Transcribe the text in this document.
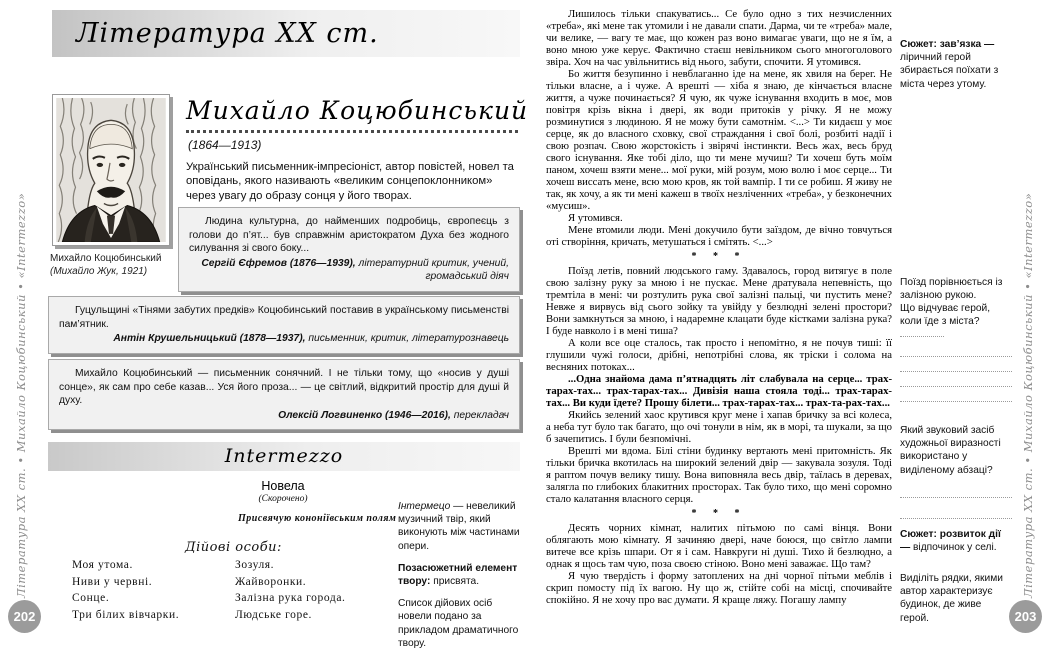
Література XX ст.
Михайло Коцюбинський
(Михайло Жук, 1921)
Михайло Коцюбинський
(1864—1913)
Український письменник-імпресіоніст, автор повістей, новел та оповідань, якого називають «великим сонцепоклонником» через увагу до образу сонця у його творах.
Людина культурна, до найменших подробиць, європеєць з голови до п’ят... був справжнім аристократом Духа без жодного силування зі свого боку...
Сергій Єфремов (1876—1939), літературний критик, учений, громадський діяч
Гуцульщині «Тінями забутих предків» Коцюбинський поставив в українському письменстві пам’ятник.
Антін Крушельницький (1878—1937), письменник, критик, літературознавець
Михайло Коцюбинський — письменник сонячний. І не тільки тому, що «носив у душі сонце», як сам про себе казав... Уся його проза... — це світлий, відкритий простір для душі й духу.
Олексій Логвиненко (1946—2016), перекладач
Intermezzo
Новела
(Скорочено)
Присвячую кононіївським полям
Дійові особи:
Моя утома.
Ниви у червні.
Сонце.
Три білих вівчарки.
Зозуля.
Жайворонки.
Залізна рука города.
Людське горе.
Інтермецо — невеликий музичний твір, який виконують між частинами опери.
Позасюжетний елемент твору: присвята.
Список дійових осіб новели подано за прикладом драматичного твору.
Література XX ст. • Михайло Коцюбинський • «Intermezzo»
202

Лишилось тільки спакуватись... Се було одно з тих незчисленних «треба», які мене так утомили і не давали спати. Дарма, чи те «треба» мале, чи велике, — вагу те має, що кожен раз воно вимагає уваги, що не я їм, а воно мною уже керує. Фактично стаєш невільником сього многоголового звіра. Хоч на час увільнитись від нього, забути, спочити. Я утомився.

Бо життя безупинно і невблаганно іде на мене, як хвиля на берег. Не тільки власне, а і чуже. А врешті — хіба я знаю, де кінчається власне життя, а чуже починається? Я чую, як чуже існування входить в моє, мов повітря крізь вікна і двері, як води притоків у річку. Я не можу розминутися з людиною. Я не можу бути самотнім. <...> Ти кидаєш у моє серце, як до власного сховку, свої страждання і свої болі, розбиті надії і свою розпач. Свою жорстокість і звірячі інстинкти. Весь жах, весь бруд свого існування. Яке тобі діло, що ти мене мучиш? Ти хочеш буть моїм паном, хочеш взяти мене... мої руки, мій розум, мою волю і моє серце... Ти хочеш виссать мене, всю мою кров, як той вампір. І ти се робиш. Я живу не так, як хочу, а як ти мені кажеш в твоїх незліченних «треба», у безконечних «мусиш».

Я утомився.

Мене втомили люди. Мені докучило бути заїздом, де вічно товчуться оті створіння, кричать, метушаться і смітять. <...>

* * *

Поїзд летів, повний людського гаму. Здавалось, город витягує в поле свою залізну руку за мною і не пускає. Мене дратувала непевність, що тремтіла в мені: чи розтулить рука свої залізні пальці, чи пустить мене? Невже я вирвусь від сього зойку та увійду у безлюдні зелені простори? Вони замкнуться за мною, і надаремне клацати буде кістками залізна рука? І буде навколо і в мені тиша?

А коли все оце сталось, так просто і непомітно, я не почув тиші: її глушили чужі голоси, дрібні, непотрібні слова, як тріски і солома на весняних потоках...

...Одна знайома дама п’ятнадцять літ слабувала на серце... трах-тарах-тах... трах-тарах-тах... Дивізія наша стояла тоді... трах-тарах-тах... Ви куди їдете? Прошу білети... трах-тарах-тах... трах-та-рах-тах...

Якийсь зелений хаос крутився круг мене і хапав бричку за всі колеса, а неба тут було так багато, що очі тонули в нім, як в морі, та шукали, за що б зачепитись. І були безпомічні.

Врешті ми вдома. Білі стіни будинку вертають мені притомність. Як тільки бричка вкотилась на широкий зелений двір — закувала зозуля. Тоді я раптом почув велику тишу. Вона виповняла весь двір, таїлась в деревах, залягла по глибоких блакитних просторах. Так було тихо, що мені соромно стало калатання власного серця.

* * *

Десять чорних кімнат, налитих пітьмою по самі вінця. Вони облягають мою кімнату. Я зачиняю двері, наче боюся, що світло лампи витече все крізь шпари. От я і сам. Навкруги ні душі. Тихо й безлюдно, а однак я щось там чую, поза своєю стіною. Воно мені заважає. Що там?

Я чую твердість і форму затоплених на дні чорної пітьми меблів і скрип помосту під їх вагою. Ну що ж, стійте собі на місці, спочивайте спокійно. Я не хочу про вас думати. Я краще ляжу. Погашу лампу

Сюжет: зав’язка — ліричний герой збирається поїхати з міста через утому.
Поїзд порівнюється із залізною рукою.
Що відчуває герой, коли їде з міста?
Який звуковий засіб художньої виразності використано у виділеному абзаці?
Сюжет: розвиток дії — відпочинок у селі.
Виділіть рядки, якими автор характеризує будинок, де живе герой.
Література XX ст. • Михайло Коцюбинський • «Intermezzo»
203
